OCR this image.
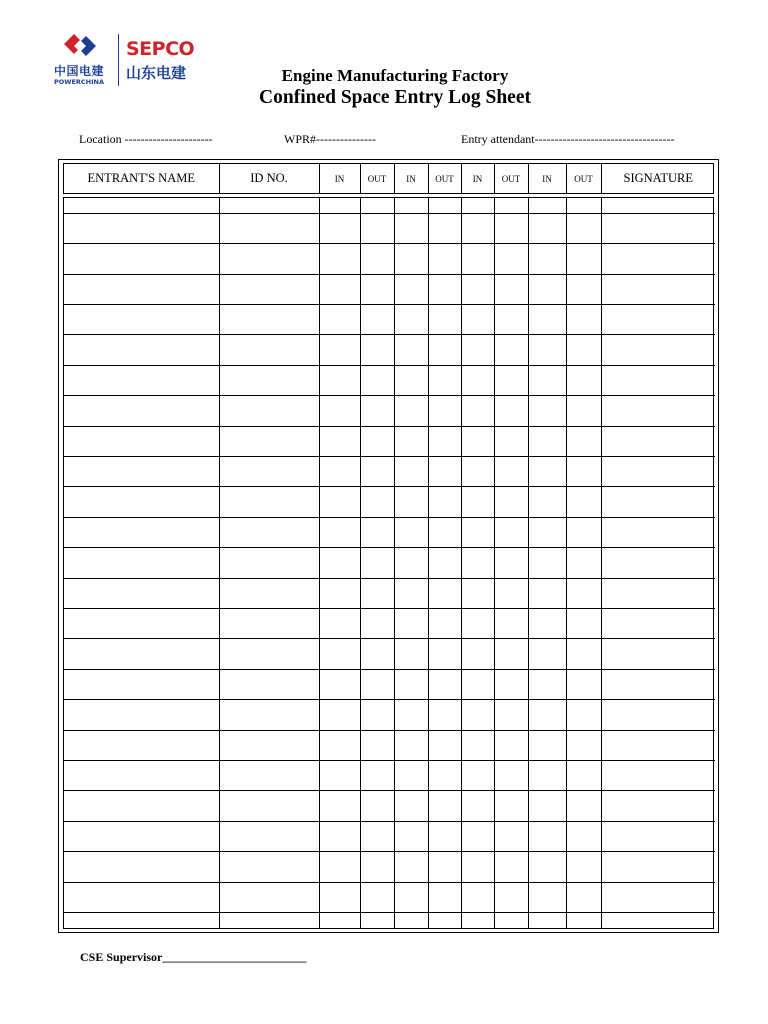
中国电建
POWERCHINA
SEPCO
山东电建	Engine Manufacturing Factory
Confined Space Entry Log Sheet
Location ----------------------	WPR#---------------	Entry attendant-----------------------------------
ENTRANT'S NAME	ID NO.	IN	OUT	IN	OUT	IN	OUT	IN	OUT	SIGNATURE

CSE Supervisor________________________
